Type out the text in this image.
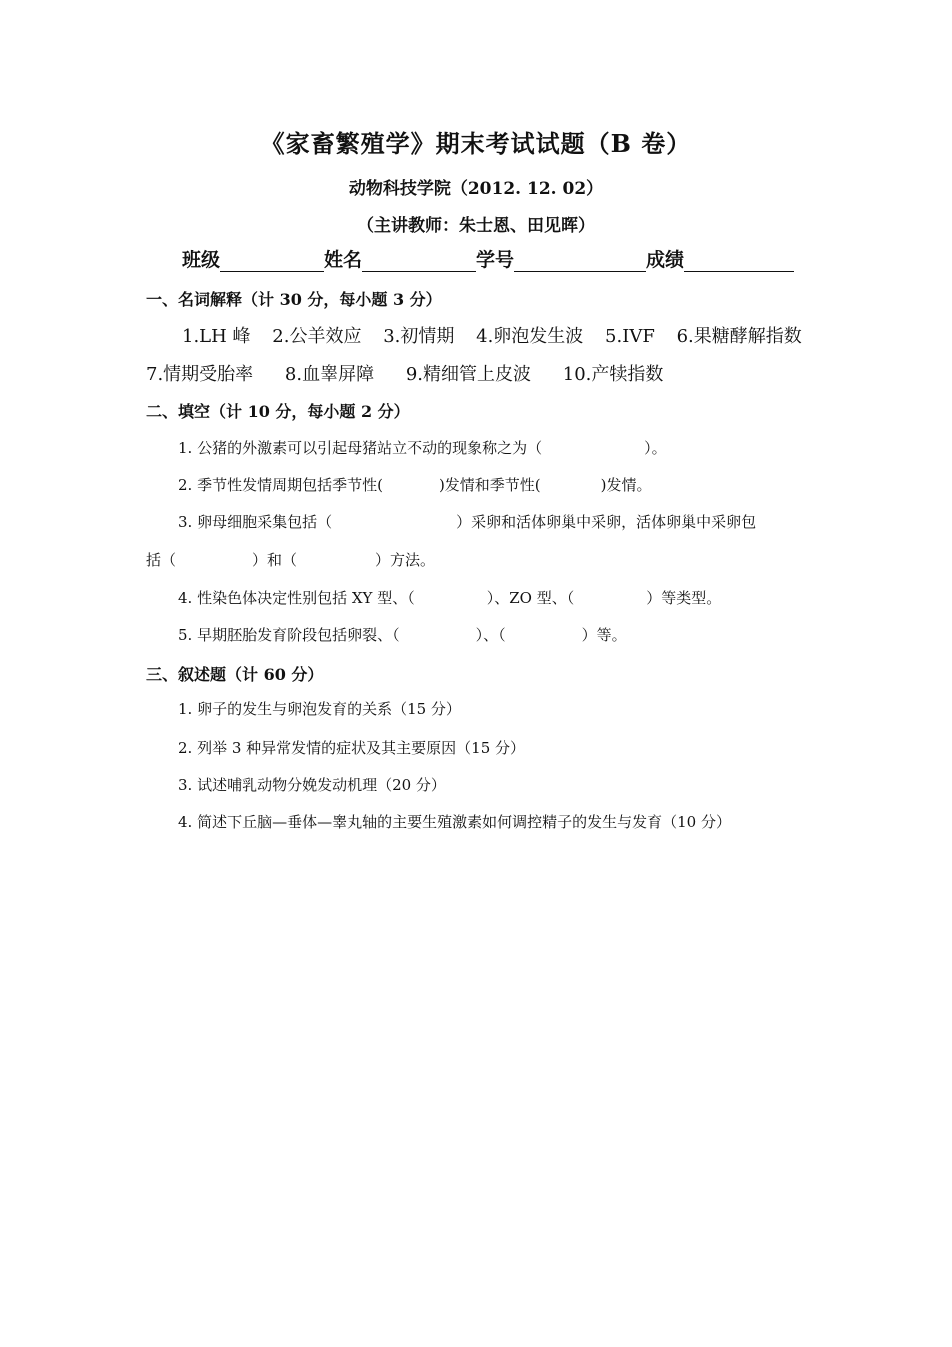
《家畜繁殖学》期末考试试题（B 卷）
动物科技学院（2012. 12. 02）
（主讲教师：朱士恩、田见晖）
班级	姓名	学号	成绩
一、名词解释（计 30 分，每小题 3 分）
1.LH 峰 2.公羊效应 3.初情期 4.卵泡发生波 5.IVF 6.果糖酵解指数
7.情期受胎率 8.血睾屏障 9.精细管上皮波 10.产犊指数
二、填空（计 10 分，每小题 2 分）
1. 公猪的外激素可以引起母猪站立不动的现象称之为（	）。
2. 季节性发情周期包括季节性(	)发情和季节性(	)发情。
3. 卵母细胞采集包括（	）采卵和活体卵巢中采卵，活体卵巢中采卵包
括（	）和（	）方法。
4. 性染色体决定性别包括 XY 型、（	）、ZO 型、（	）等类型。
5. 早期胚胎发育阶段包括卵裂、（	）、（	）等。
三、叙述题（计 60 分）
1. 卵子的发生与卵泡发育的关系（15 分）
2. 列举 3 种异常发情的症状及其主要原因（15 分）
3. 试述哺乳动物分娩发动机理（20 分）
4. 简述下丘脑—垂体—睾丸轴的主要生殖激素如何调控精子的发生与发育（10 分）
